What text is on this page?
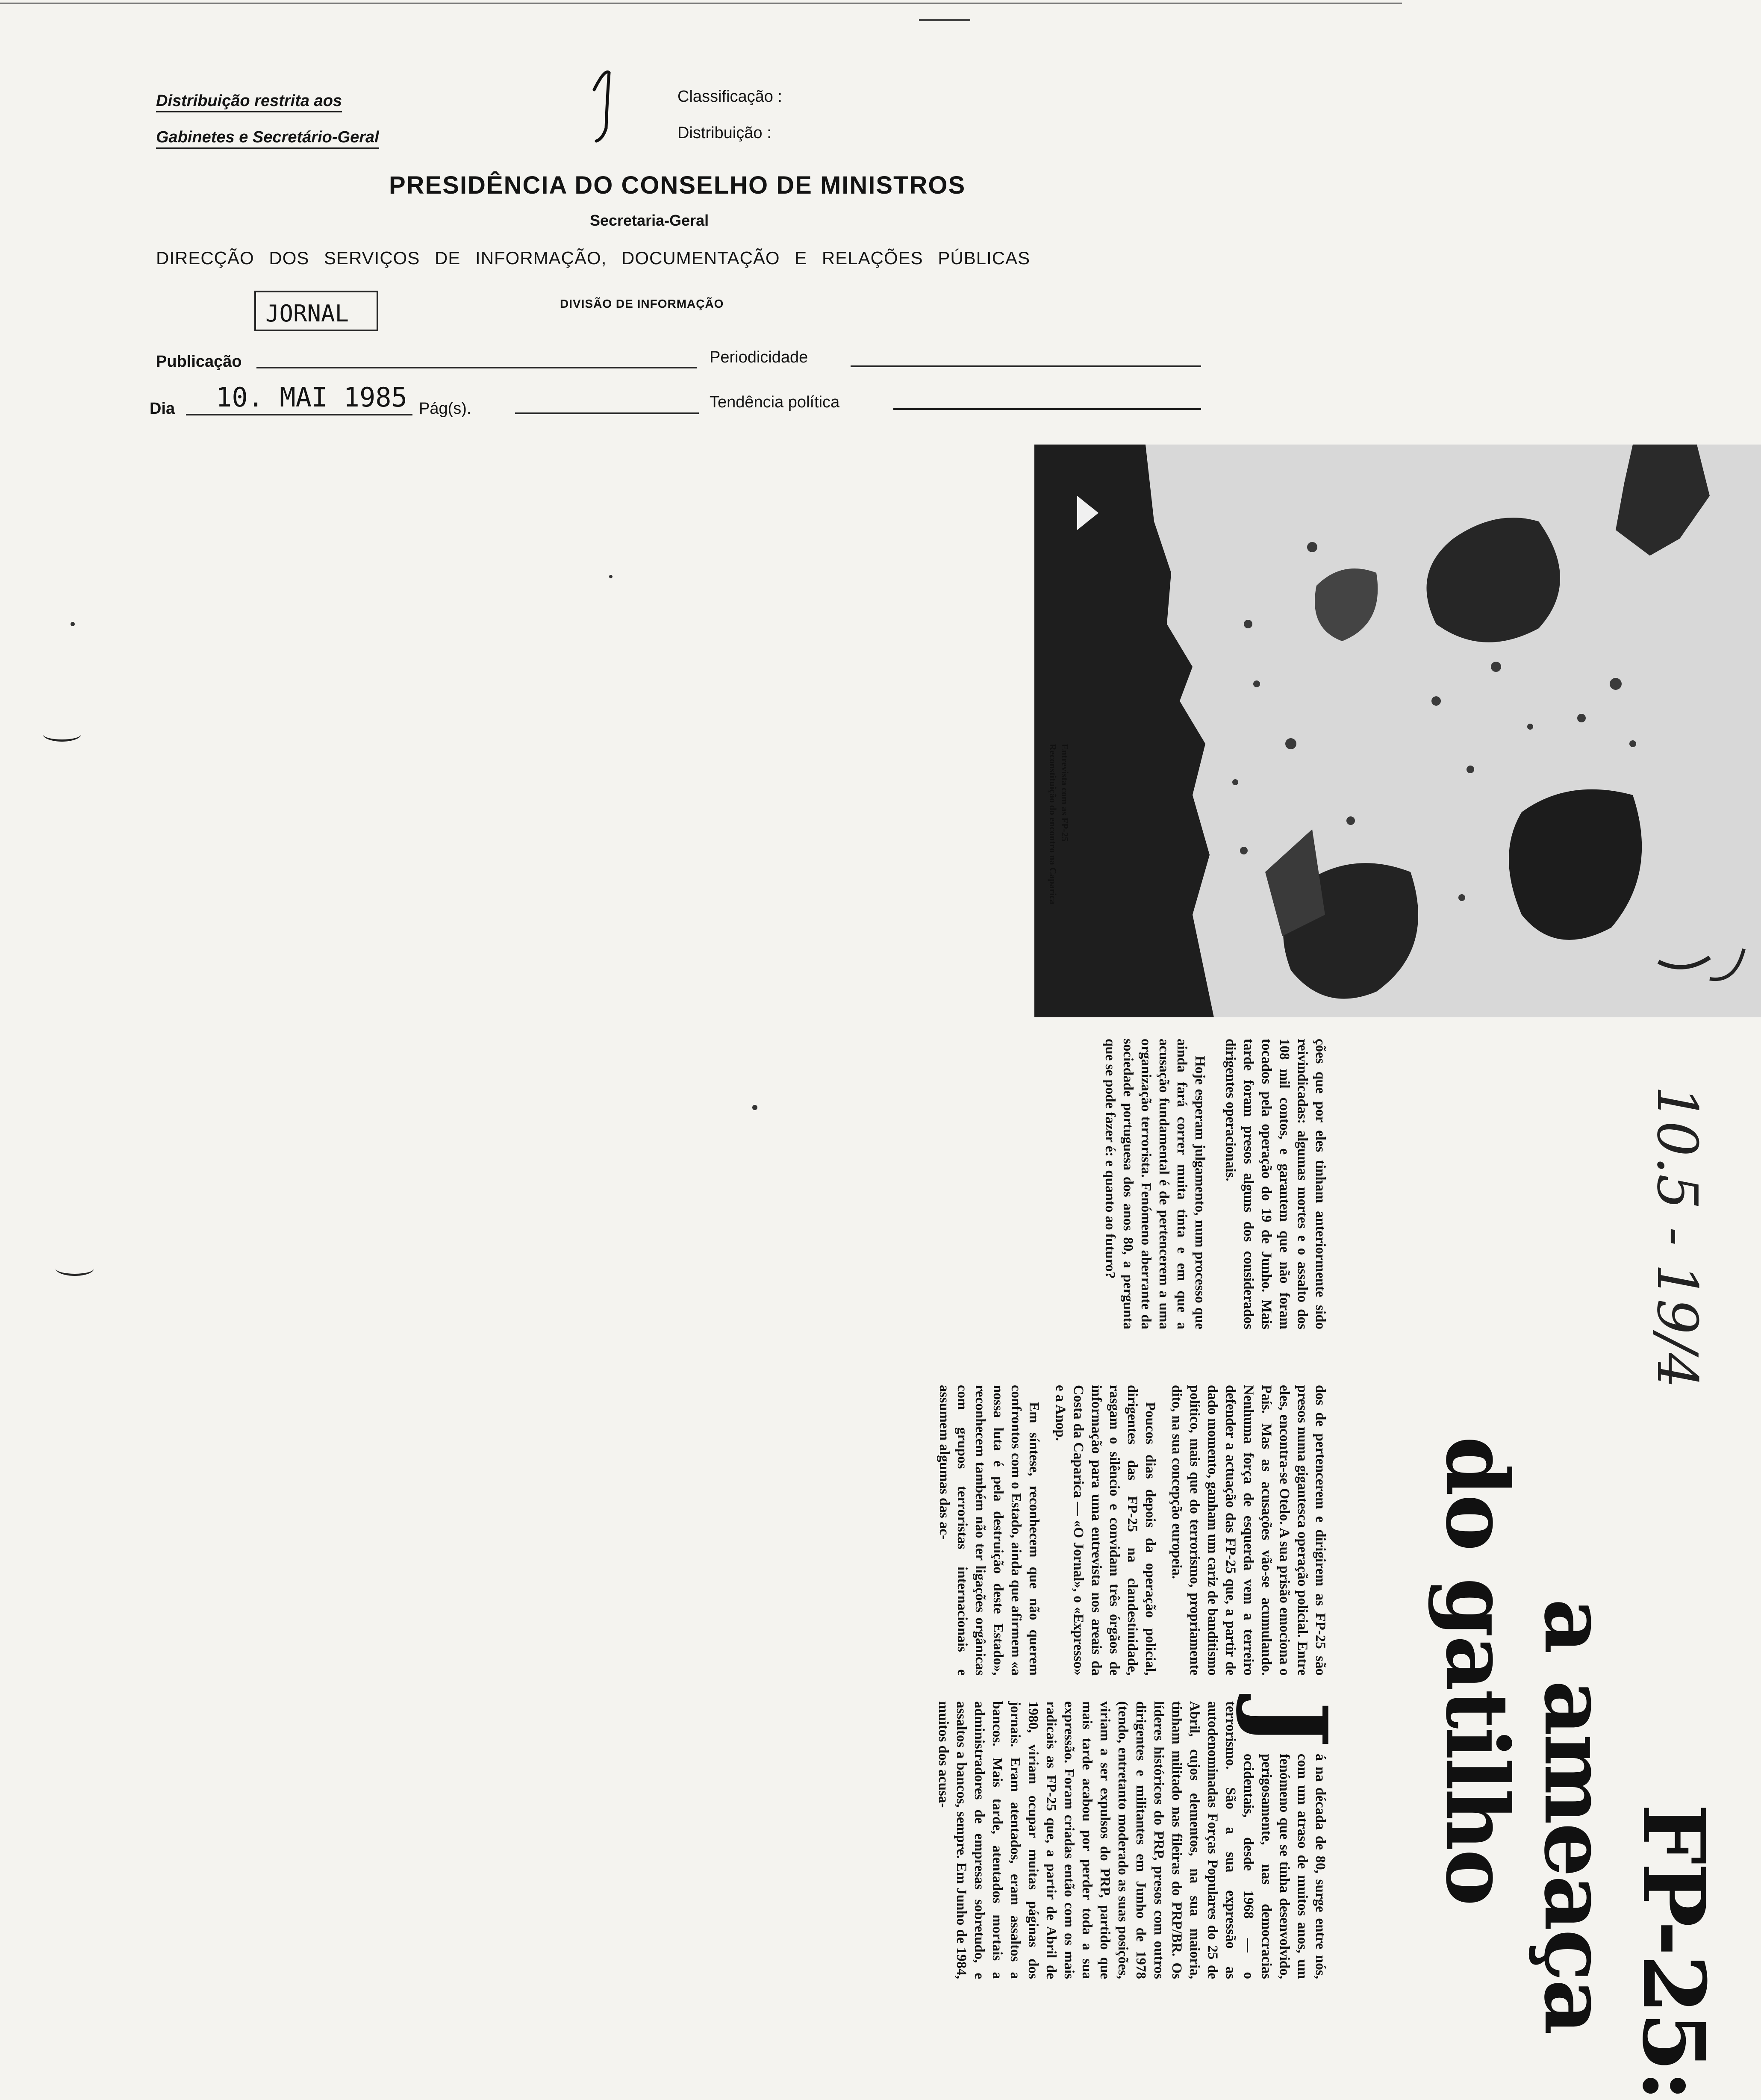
Distribuição restrita aos
Gabinetes e Secretário-Geral
Classificação :
Distribuição :
PRESIDÊNCIA DO CONSELHO DE MINISTROS
Secretaria-Geral
DIRECÇÃO DOS SERVIÇOS DE INFORMAÇÃO, DOCUMENTAÇÃO E RELAÇÕES PÚBLICAS
JORNAL	DIVISÃO DE INFORMAÇÃO
Publicação	Periodicidade
Dia 10. MAI 1985 Pág(s).	Tendência política
Entrevista com as FP-25
Reconstituição do encontro na Caparica

ções que por eles tinham anteriormente sido reivindicadas: algumas mortes e o assalto dos 108 mil contos, e garantem que não foram tocados pela operação do 19 de Junho. Mais tarde foram presos alguns dos considerados dirigentes operacionais.

Hoje esperam julgamento, num processo que ainda fará correr muita tinta e em que a acusação fundamental é de pertencerem a uma organização terrorista. Fenómeno aberrante da sociedade portuguesa dos anos 80, a pergunta que se pode fazer é: e quanto ao futuro?

dos de pertencerem e dirigirem as FP-25 são presos numa gigantesca operação policial. Entre eles, encontra-se Otelo. A sua prisão emociona o País. Mas as acusações vão-se acumulando. Nenhuma força de esquerda vem a terreiro defender a actuação das FP-25 que, a partir de dado momento, ganham um cariz de banditismo político, mais que do terrorismo, propriamente dito, na sua concepção europeia.

Poucos dias depois da operação policial, dirigentes das FP-25 na clandestinidade, rasgam o silêncio e convidam três órgãos de informação para uma entrevista nos areais da Costa da Caparica — «O Jornal», o «Expresso» e a Anop.

Em síntese, reconhecem que não querem confrontos com o Estado, ainda que afirmem «a nossa luta é pela destruição deste Estado», reconhecem também não ter ligações orgânicas com grupos terroristas internacionais e assumem algumas das ac-

J

á na década de 80, surge entre nós, com um atraso de muitos anos, um fenómeno que se tinha desenvolvido, perigosamente, nas democracias ocidentais, desde 1968 — o terrorismo. São a sua expressão as autodenominadas Forças Populares do 25 de Abril, cujos elementos, na sua maioria, tinham militado nas fileiras do PRP/BR. Os líderes históricos do PRP, presos com outros dirigentes e militantes em Junho de 1978 (tendo, entretanto moderado as suas posições, viriam a ser expulsos do PRP, partido que mais tarde acabou por perder toda a sua expressão. Foram criadas então com os mais radicais as FP-25 que, a partir de Abril de 1980, viriam ocupar muitas páginas dos jornais. Eram atentados, eram assaltos a bancos. Mais tarde, atentados mortais a administradores de empresas sobretudo, e assaltos a bancos, sempre. Em Junho de 1984, muitos dos acusa-

FP-25:
a ameaça
do gatilho
10.5 - 19/4
